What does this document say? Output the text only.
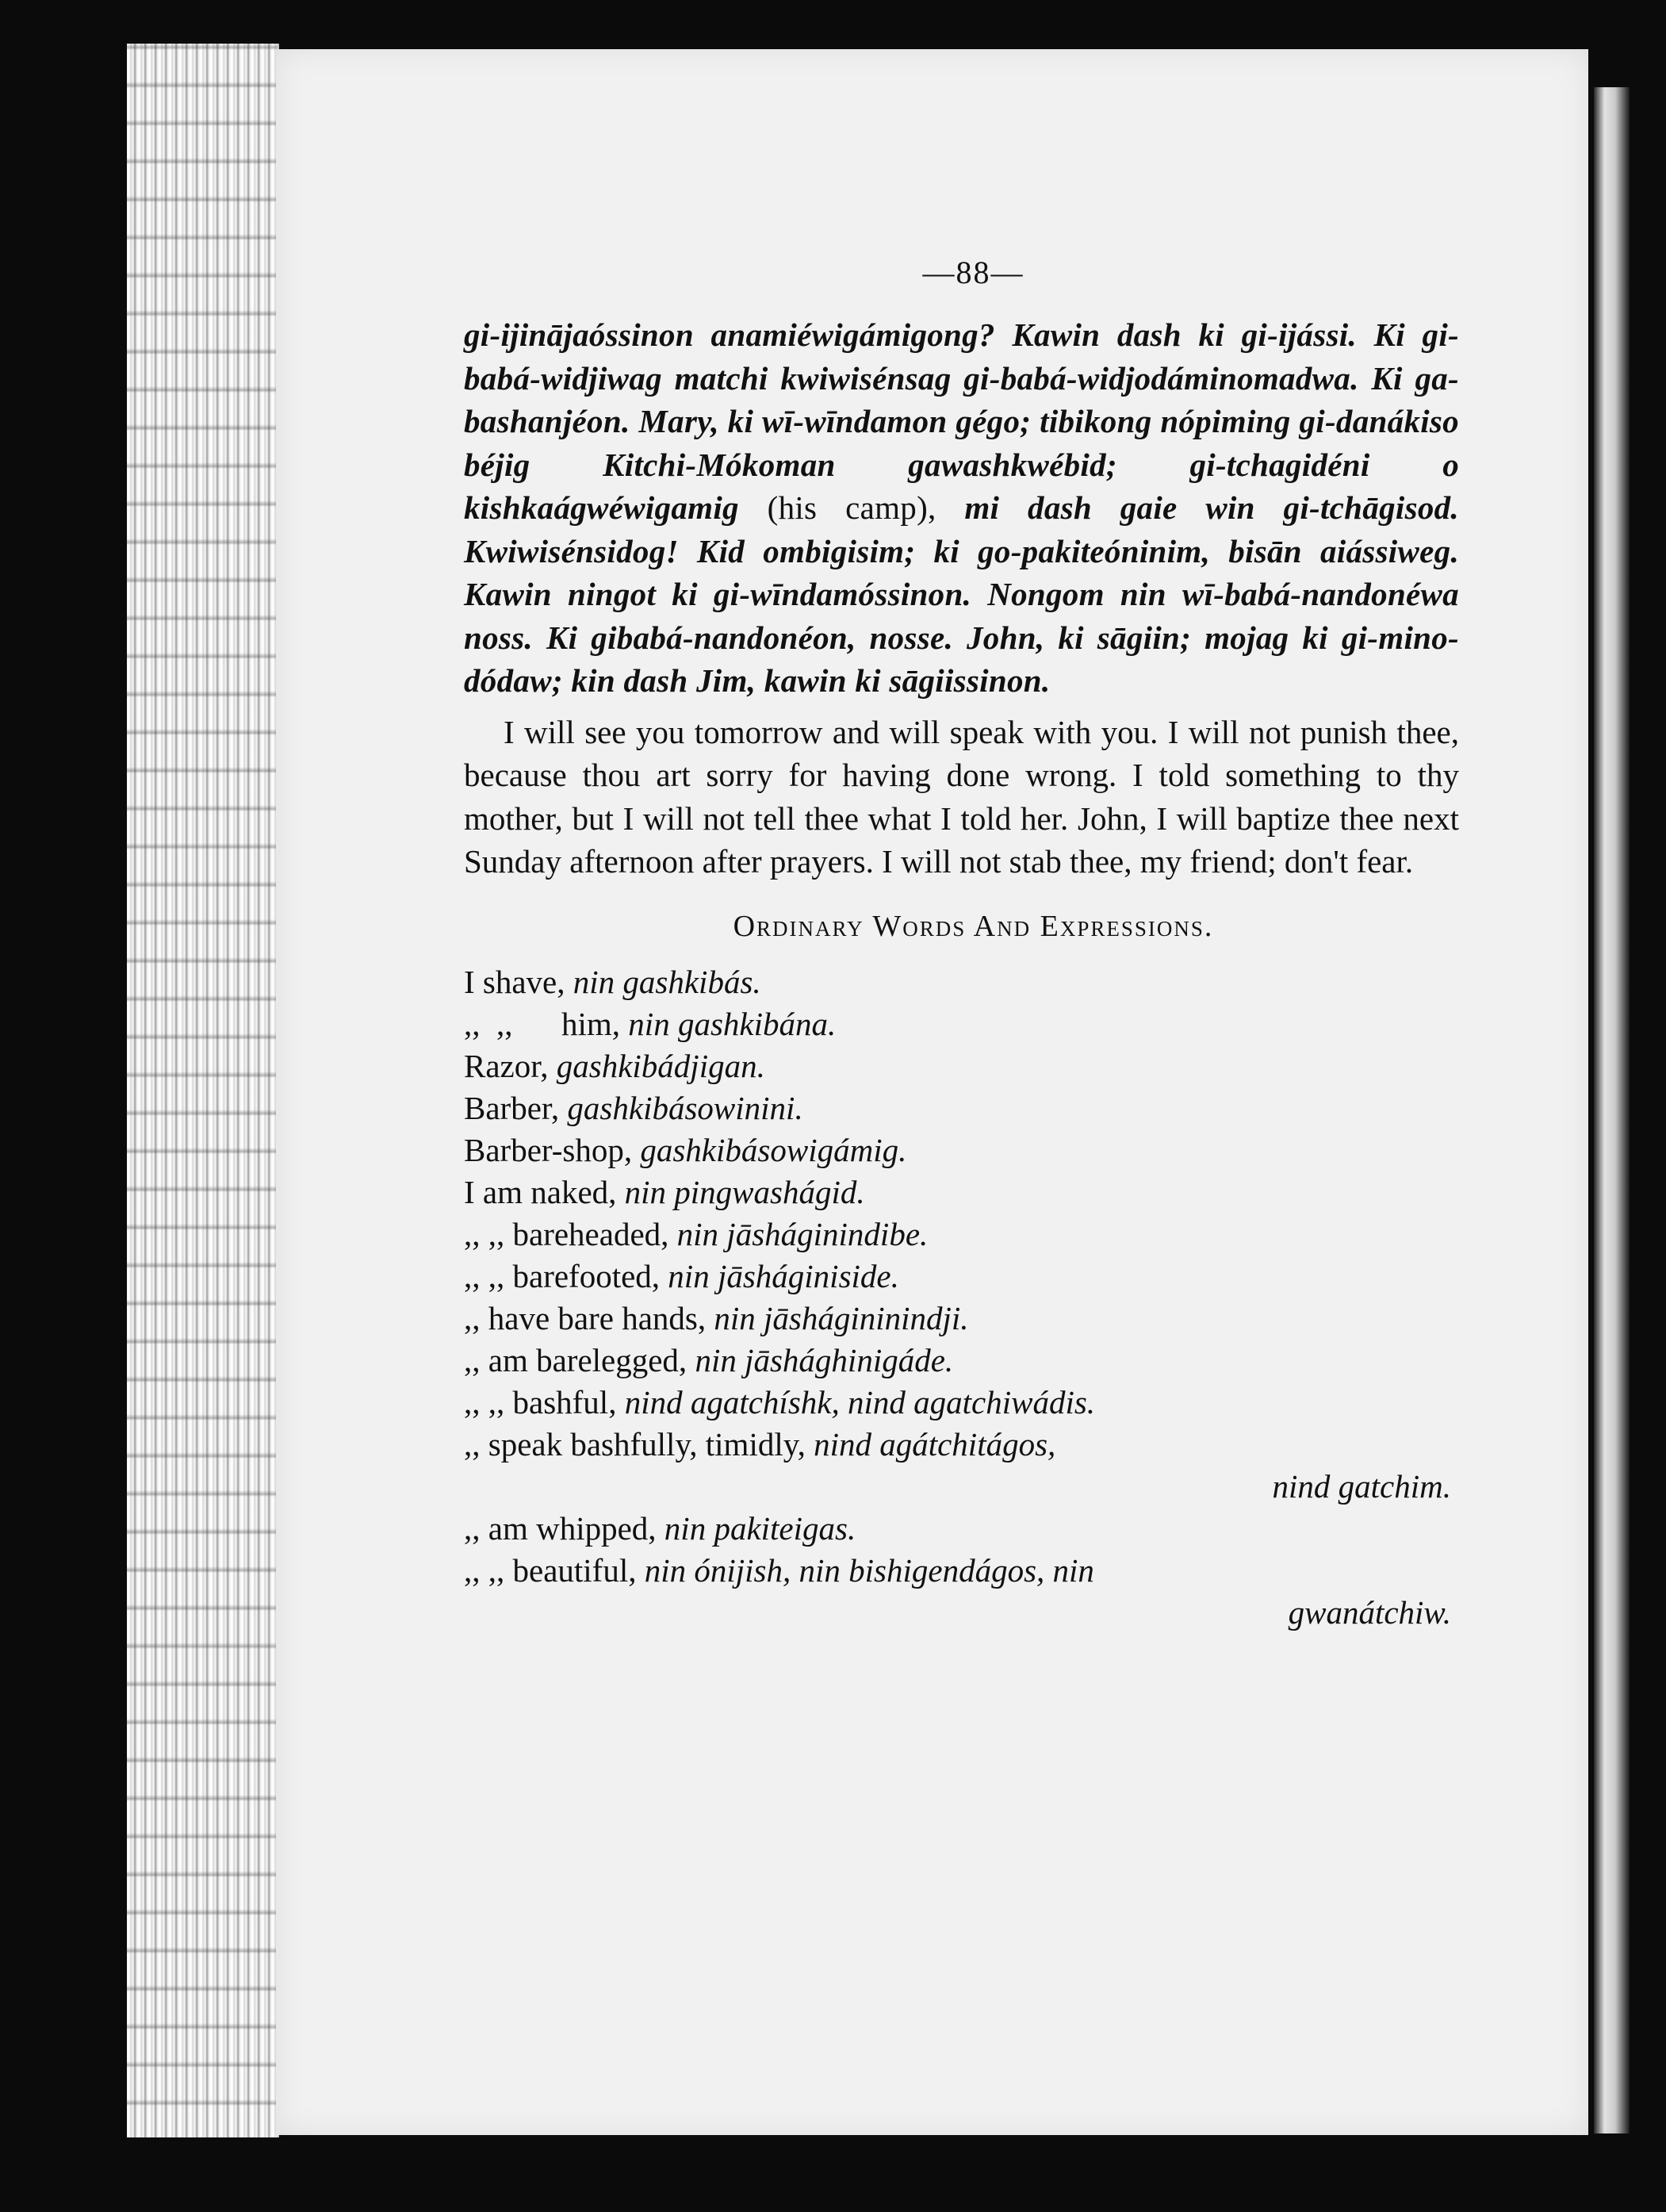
—88—

gi-ijinājaóssinon anamiéwigámigong? Kawin dash ki gi-ijássi. Ki gi-babá-widjiwag matchi kwiwisénsag gi-babá-widjodáminomadwa. Ki ga-bashanjéon. Mary, ki wī-wīndamon gégo; tibikong nópiming gi-danákiso béjig Kitchi-Mókoman gawashkwébid; gi-tchagidéni o kishkaágwéwigamig (his camp), mi dash gaie win gi-tchāgisod. Kwiwisénsidog! Kid ombigisim; ki go-pakiteóninim, bisān aiássiweg. Kawin ningot ki gi-wīndamóssinon. Nongom nin wī-babá-nandonéwa noss. Ki gibabá-nandonéon, nosse. John, ki sāgiin; mojag ki gi-mino-dódaw; kin dash Jim, kawin ki sāgiissinon.

I will see you tomorrow and will speak with you. I will not punish thee, because thou art sorry for having done wrong. I told something to thy mother, but I will not tell thee what I told her. John, I will baptize thee next Sunday afternoon after prayers. I will not stab thee, my friend; don't fear.

Ordinary Words And Expressions.
I shave, nin gashkibás.
,,  ,,      him, nin gashkibána.
Razor, gashkibádjigan.
Barber, gashkibásowinini.
Barber-shop, gashkibásowigámig.
I am naked, nin pingwashágid.
,, ,, bareheaded, nin jāsháginindibe.
,, ,, barefooted, nin jāsháginiside.
,, have bare hands, nin jāshágininindji.
,, am barelegged, nin jāshághinigáde.
,, ,, bashful, nind agatchíshk, nind agatchiwádis.
,, speak bashfully, timidly, nind agátchitágos,
nind gatchim.
,, am whipped, nin pakiteigas.
,, ,, beautiful, nin ónijish, nin bishigendágos, nin
gwanátchiw.
